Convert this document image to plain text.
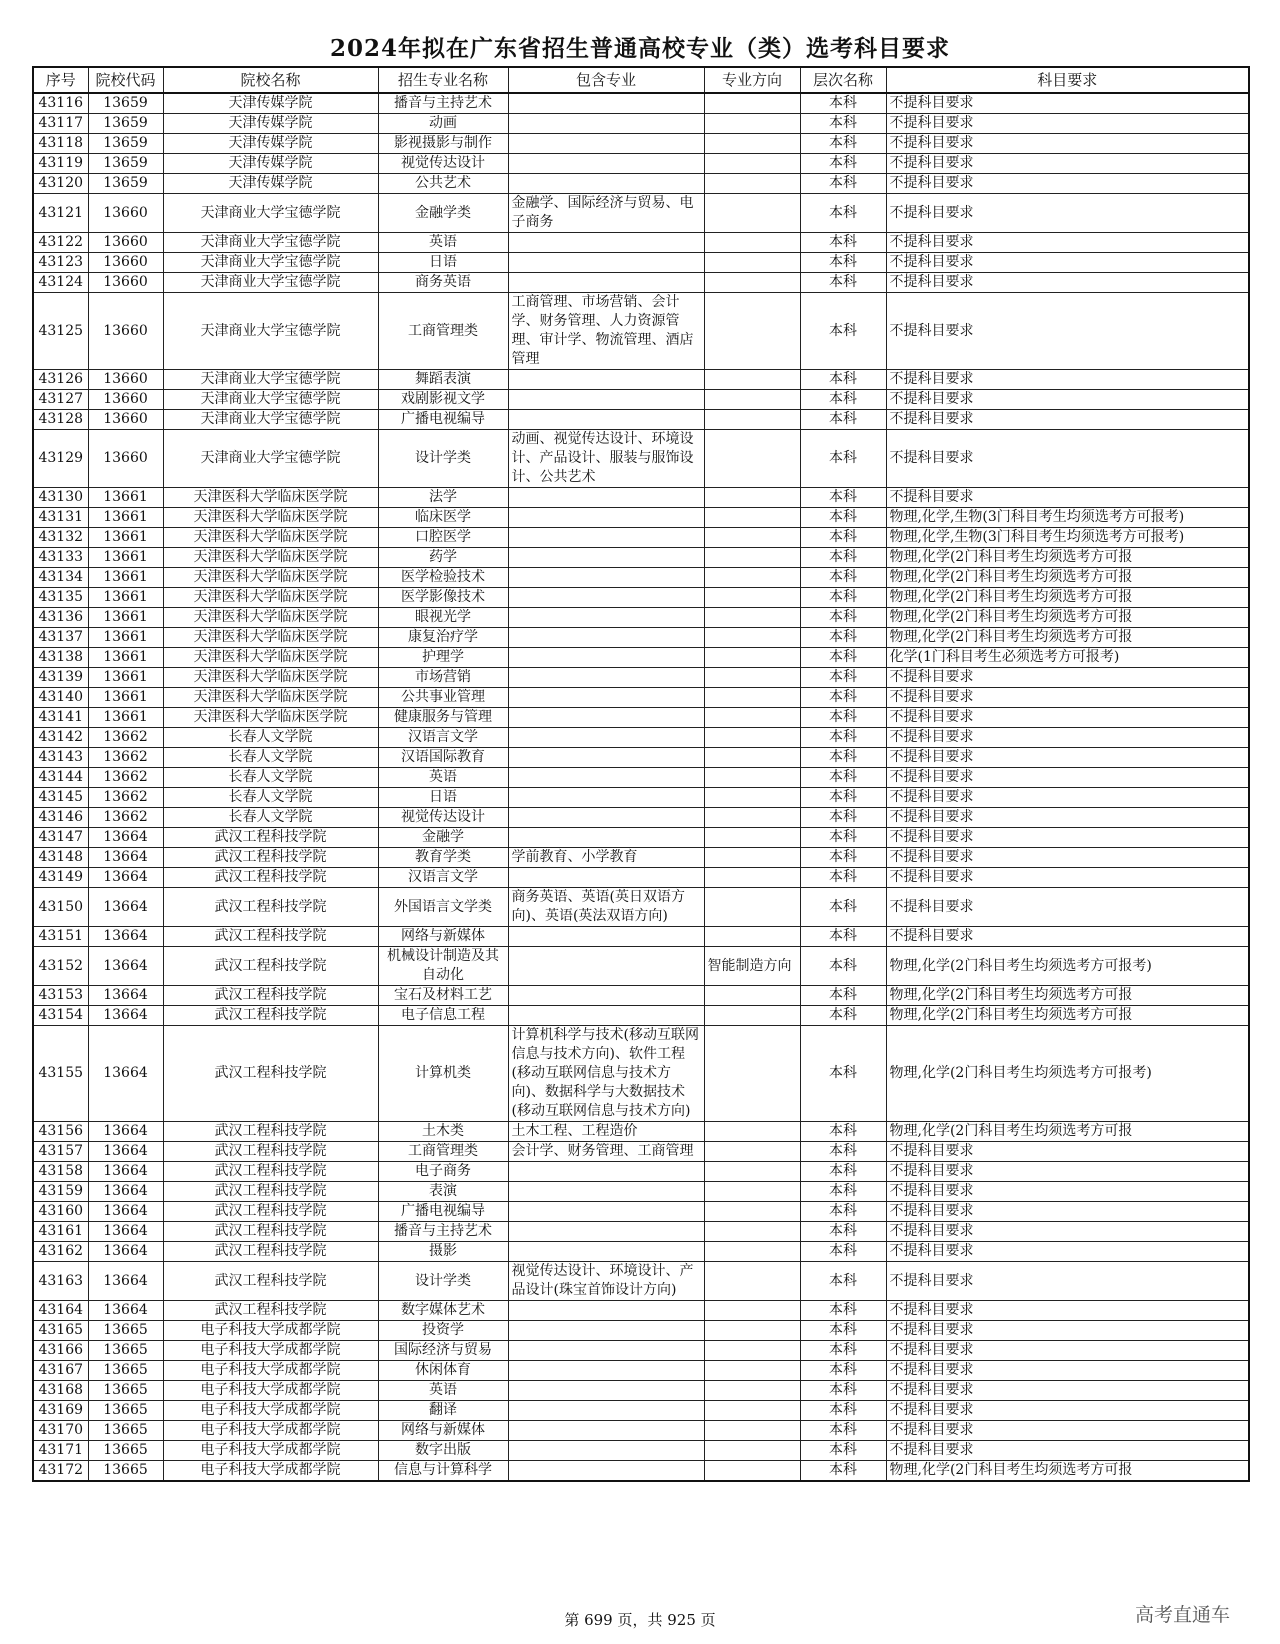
2024年拟在广东省招生普通高校专业（类）选考科目要求
序号	院校代码	院校名称	招生专业名称	包含专业	专业方向	层次名称	科目要求
43116	13659	天津传媒学院	播音与主持艺术			本科	不提科目要求
43117	13659	天津传媒学院	动画			本科	不提科目要求
43118	13659	天津传媒学院	影视摄影与制作			本科	不提科目要求
43119	13659	天津传媒学院	视觉传达设计			本科	不提科目要求
43120	13659	天津传媒学院	公共艺术			本科	不提科目要求
43121	13660	天津商业大学宝德学院	金融学类	金融学、国际经济与贸易、电子商务		本科	不提科目要求
43122	13660	天津商业大学宝德学院	英语			本科	不提科目要求
43123	13660	天津商业大学宝德学院	日语			本科	不提科目要求
43124	13660	天津商业大学宝德学院	商务英语			本科	不提科目要求
43125	13660	天津商业大学宝德学院	工商管理类	工商管理、市场营销、会计学、财务管理、人力资源管理、审计学、物流管理、酒店管理		本科	不提科目要求
43126	13660	天津商业大学宝德学院	舞蹈表演			本科	不提科目要求
43127	13660	天津商业大学宝德学院	戏剧影视文学			本科	不提科目要求
43128	13660	天津商业大学宝德学院	广播电视编导			本科	不提科目要求
43129	13660	天津商业大学宝德学院	设计学类	动画、视觉传达设计、环境设计、产品设计、服装与服饰设计、公共艺术		本科	不提科目要求
43130	13661	天津医科大学临床医学院	法学			本科	不提科目要求
43131	13661	天津医科大学临床医学院	临床医学			本科	物理,化学,生物(3门科目考生均须选考方可报考)
43132	13661	天津医科大学临床医学院	口腔医学			本科	物理,化学,生物(3门科目考生均须选考方可报考)
43133	13661	天津医科大学临床医学院	药学			本科	物理,化学(2门科目考生均须选考方可报
43134	13661	天津医科大学临床医学院	医学检验技术			本科	物理,化学(2门科目考生均须选考方可报
43135	13661	天津医科大学临床医学院	医学影像技术			本科	物理,化学(2门科目考生均须选考方可报
43136	13661	天津医科大学临床医学院	眼视光学			本科	物理,化学(2门科目考生均须选考方可报
43137	13661	天津医科大学临床医学院	康复治疗学			本科	物理,化学(2门科目考生均须选考方可报
43138	13661	天津医科大学临床医学院	护理学			本科	化学(1门科目考生必须选考方可报考)
43139	13661	天津医科大学临床医学院	市场营销			本科	不提科目要求
43140	13661	天津医科大学临床医学院	公共事业管理			本科	不提科目要求
43141	13661	天津医科大学临床医学院	健康服务与管理			本科	不提科目要求
43142	13662	长春人文学院	汉语言文学			本科	不提科目要求
43143	13662	长春人文学院	汉语国际教育			本科	不提科目要求
43144	13662	长春人文学院	英语			本科	不提科目要求
43145	13662	长春人文学院	日语			本科	不提科目要求
43146	13662	长春人文学院	视觉传达设计			本科	不提科目要求
43147	13664	武汉工程科技学院	金融学			本科	不提科目要求
43148	13664	武汉工程科技学院	教育学类	学前教育、小学教育		本科	不提科目要求
43149	13664	武汉工程科技学院	汉语言文学			本科	不提科目要求
43150	13664	武汉工程科技学院	外国语言文学类	商务英语、英语(英日双语方向)、英语(英法双语方向)		本科	不提科目要求
43151	13664	武汉工程科技学院	网络与新媒体			本科	不提科目要求
43152	13664	武汉工程科技学院	机械设计制造及其自动化		智能制造方向	本科	物理,化学(2门科目考生均须选考方可报考)
43153	13664	武汉工程科技学院	宝石及材料工艺			本科	物理,化学(2门科目考生均须选考方可报
43154	13664	武汉工程科技学院	电子信息工程			本科	物理,化学(2门科目考生均须选考方可报
43155	13664	武汉工程科技学院	计算机类	计算机科学与技术(移动互联网信息与技术方向)、软件工程(移动互联网信息与技术方向)、数据科学与大数据技术(移动互联网信息与技术方向)		本科	物理,化学(2门科目考生均须选考方可报考)
43156	13664	武汉工程科技学院	土木类	土木工程、工程造价		本科	物理,化学(2门科目考生均须选考方可报
43157	13664	武汉工程科技学院	工商管理类	会计学、财务管理、工商管理		本科	不提科目要求
43158	13664	武汉工程科技学院	电子商务			本科	不提科目要求
43159	13664	武汉工程科技学院	表演			本科	不提科目要求
43160	13664	武汉工程科技学院	广播电视编导			本科	不提科目要求
43161	13664	武汉工程科技学院	播音与主持艺术			本科	不提科目要求
43162	13664	武汉工程科技学院	摄影			本科	不提科目要求
43163	13664	武汉工程科技学院	设计学类	视觉传达设计、环境设计、产品设计(珠宝首饰设计方向)		本科	不提科目要求
43164	13664	武汉工程科技学院	数字媒体艺术			本科	不提科目要求
43165	13665	电子科技大学成都学院	投资学			本科	不提科目要求
43166	13665	电子科技大学成都学院	国际经济与贸易			本科	不提科目要求
43167	13665	电子科技大学成都学院	休闲体育			本科	不提科目要求
43168	13665	电子科技大学成都学院	英语			本科	不提科目要求
43169	13665	电子科技大学成都学院	翻译			本科	不提科目要求
43170	13665	电子科技大学成都学院	网络与新媒体			本科	不提科目要求
43171	13665	电子科技大学成都学院	数字出版			本科	不提科目要求
43172	13665	电子科技大学成都学院	信息与计算科学			本科	物理,化学(2门科目考生均须选考方可报
第 699 页，共 925 页	高考直通车
